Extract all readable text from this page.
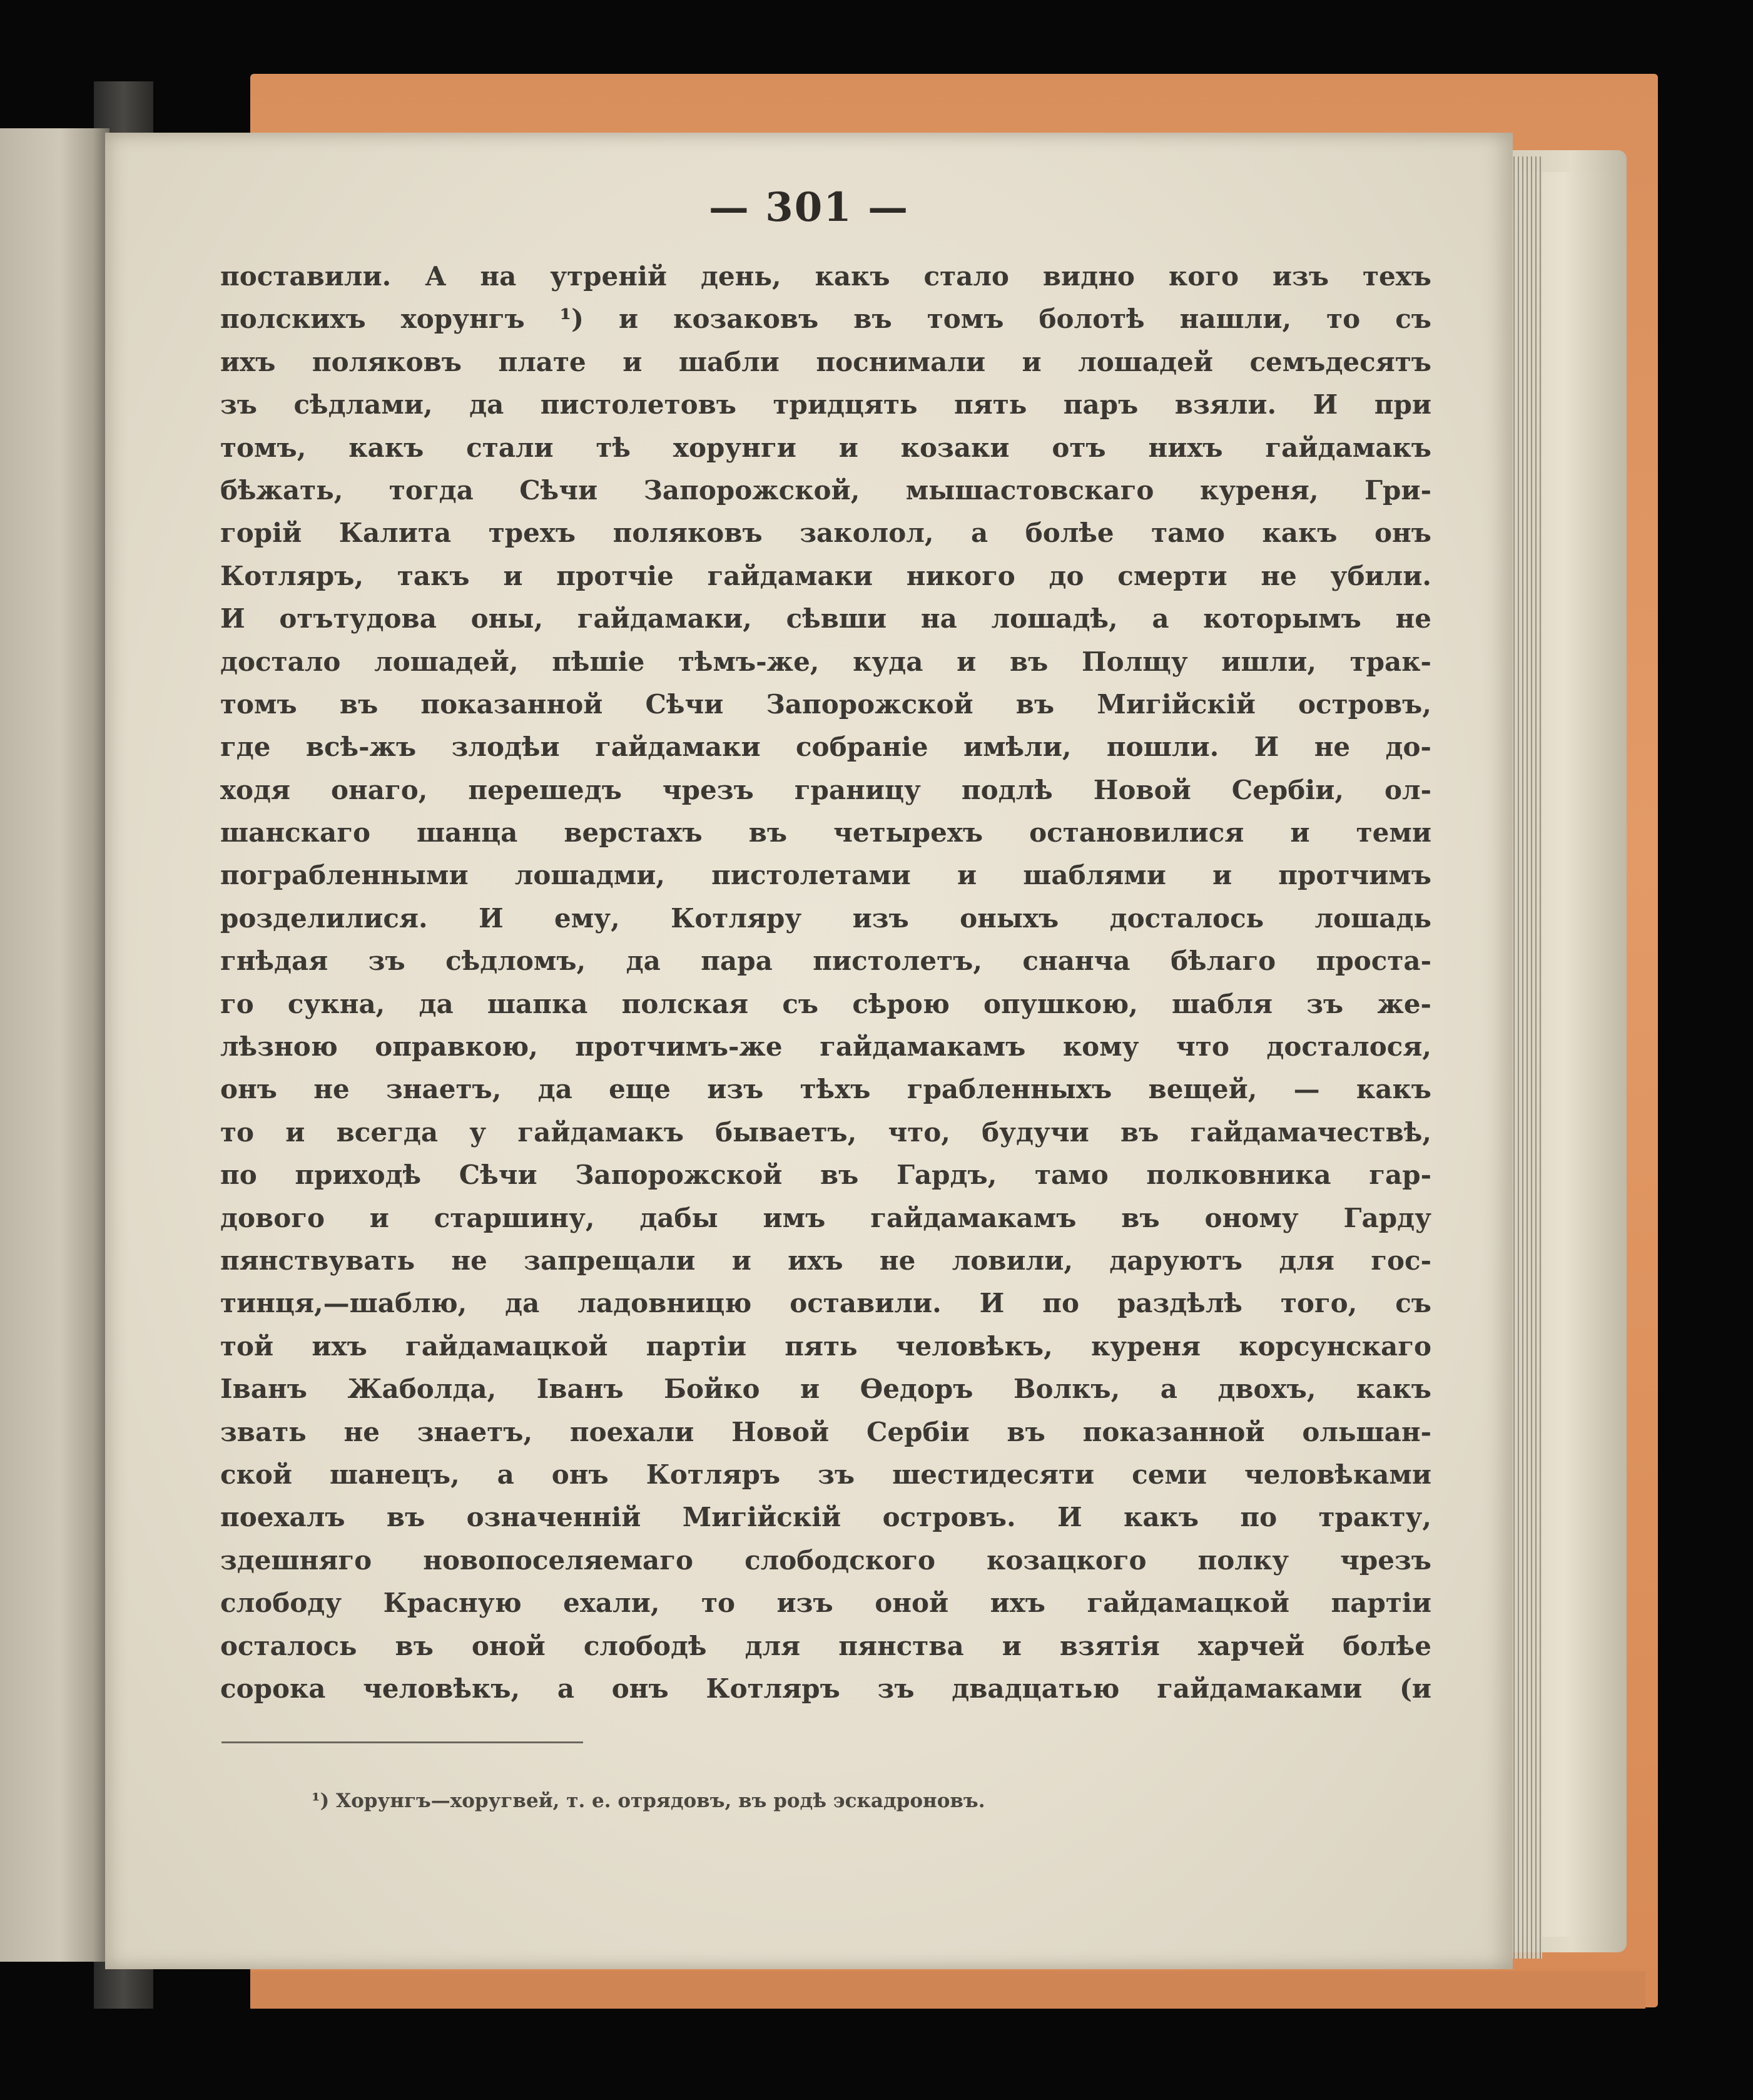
— 301 —
поставили. А на утреній день, какъ стало видно кого изъ техъ
полскихъ хорунгъ ¹) и козаковъ въ томъ болотѣ нашли, то съ
ихъ поляковъ плате и шабли поснимали и лошадей семъдесятъ
зъ сѣдлами, да пистолетовъ тридцять пять паръ взяли. И при
томъ, какъ стали тѣ хорунги и козаки отъ нихъ гайдамакъ
бѣжать, тогда Сѣчи Запорожской, мышастовскаго куреня, Гри-
горій Калита трехъ поляковъ заколол, а болѣе тамо какъ онъ
Котляръ, такъ и протчіе гайдамаки никого до смерти не убили.
И отътудова оны, гайдамаки, сѣвши на лошадѣ, а которымъ не
достало лошадей, пѣшіе тѣмъ-же, куда и въ Полщу ишли, трак-
томъ въ показанной Сѣчи Запорожской въ Мигійскій островъ,
где всѣ-жъ злодѣи гайдамаки собраніе имѣли, пошли. И не до-
ходя онаго, перешедъ чрезъ границу подлѣ Новой Сербіи, ол-
шанскаго шанца верстахъ въ четырехъ остановилися и теми
пограбленными лошадми, пистолетами и шаблями и протчимъ
розделилися. И ему, Котляру изъ оныхъ досталось лошадь
гнѣдая зъ сѣдломъ, да пара пистолетъ, снанча бѣлаго проста-
го сукна, да шапка полская съ сѣрою опушкою, шабля зъ же-
лѣзною оправкою, протчимъ-же гайдамакамъ кому что досталося,
онъ не знаетъ, да еще изъ тѣхъ грабленныхъ вещей, — какъ
то и всегда у гайдамакъ бываетъ, что, будучи въ гайдамачествѣ,
по приходѣ Сѣчи Запорожской въ Гардъ, тамо полковника гар-
дового и старшину, дабы имъ гайдамакамъ въ оному Гарду
пянствувать не запрещали и ихъ не ловили, даруютъ для гос-
тинця,—шаблю, да ладовницю оставили. И по раздѣлѣ того, съ
той ихъ гайдамацкой партіи пять человѣкъ, куреня корсунскаго
Іванъ Жаболда, Іванъ Бойко и Өедоръ Волкъ, а двохъ, какъ
звать не знаетъ, поехали Новой Сербіи въ показанной ольшан-
ской шанецъ, а онъ Котляръ зъ шестидесяти семи человѣками
поехалъ въ означенній Мигійскій островъ. И какъ по тракту,
здешняго новопоселяемаго слободского козацкого полку чрезъ
слободу Красную ехали, то изъ оной ихъ гайдамацкой партіи
осталось въ оной слободѣ для пянства и взятія харчей болѣе
сорока человѣкъ, а онъ Котляръ зъ двадцатью гайдамаками (и
¹) Хорунгъ—хоругвей, т. е. отрядовъ, въ родѣ эскадроновъ.
